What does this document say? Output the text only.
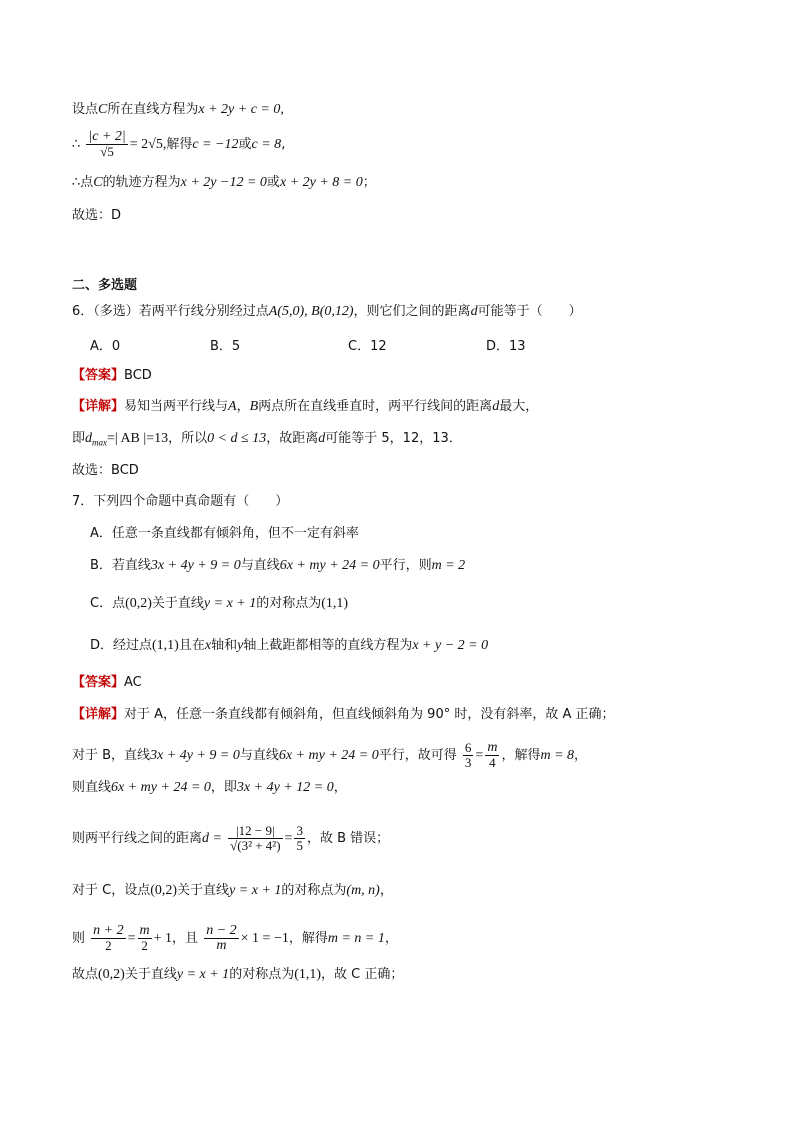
设点C所在直线方程为x + 2y + c = 0,
∴ $\frac{|c + 2|}{√5} = 2√5$,解得c = −12或c = 8,
∴点C的轨迹方程为x + 2y −12 = 0或x + 2y + 8 = 0；
故选：D
二、多选题
6．（多选）若两平行线分别经过点A(5,0), B(0,12)，则它们之间的距离d可能等于（　　）
A．0	B．5	C．12	D．13
【答案】BCD
【详解】易知当两平行线与A，B两点所在直线垂直时，两平行线间的距离d最大，
即$d_{max}=|$ AB |=13，所以0 < d ≤ 13，故距离d可能等于 5，12，13．
故选：BCD
7．下列四个命题中真命题有（　　）
A．任意一条直线都有倾斜角，但不一定有斜率
B．若直线3x + 4y + 9 = 0与直线6x + my + 24 = 0平行，则m = 2
C．点(0,2)关于直线y = x + 1的对称点为(1,1)
D．经过点(1,1)且在x轴和y轴上截距都相等的直线方程为x + y − 2 = 0
【答案】AC
【详解】对于 A，任意一条直线都有倾斜角，但直线倾斜角为 90° 时，没有斜率，故 A 正确；
对于 B，直线3x + 4y + 9 = 0与直线6x + my + 24 = 0平行，故可得 $\frac{6}{3} = \frac{m}{4}$ ，解得m = 8，
则直线6x + my + 24 = 0，即3x + 4y + 12 = 0，
则两平行线之间的距离$d = \frac{|12 - 9|}{\text{√(3² + 4²)}} = \frac{3}{5}$ ，故 B 错误；
对于 C，设点(0,2)关于直线y = x + 1的对称点为(m, n)，
则 $\frac{n + 2}{2} = \frac{m}{2} + 1$，且 $\frac{n - 2}{m} \times 1 = -1$，解得m = n = 1，
故点(0,2)关于直线y = x + 1的对称点为(1,1)，故 C 正确；
